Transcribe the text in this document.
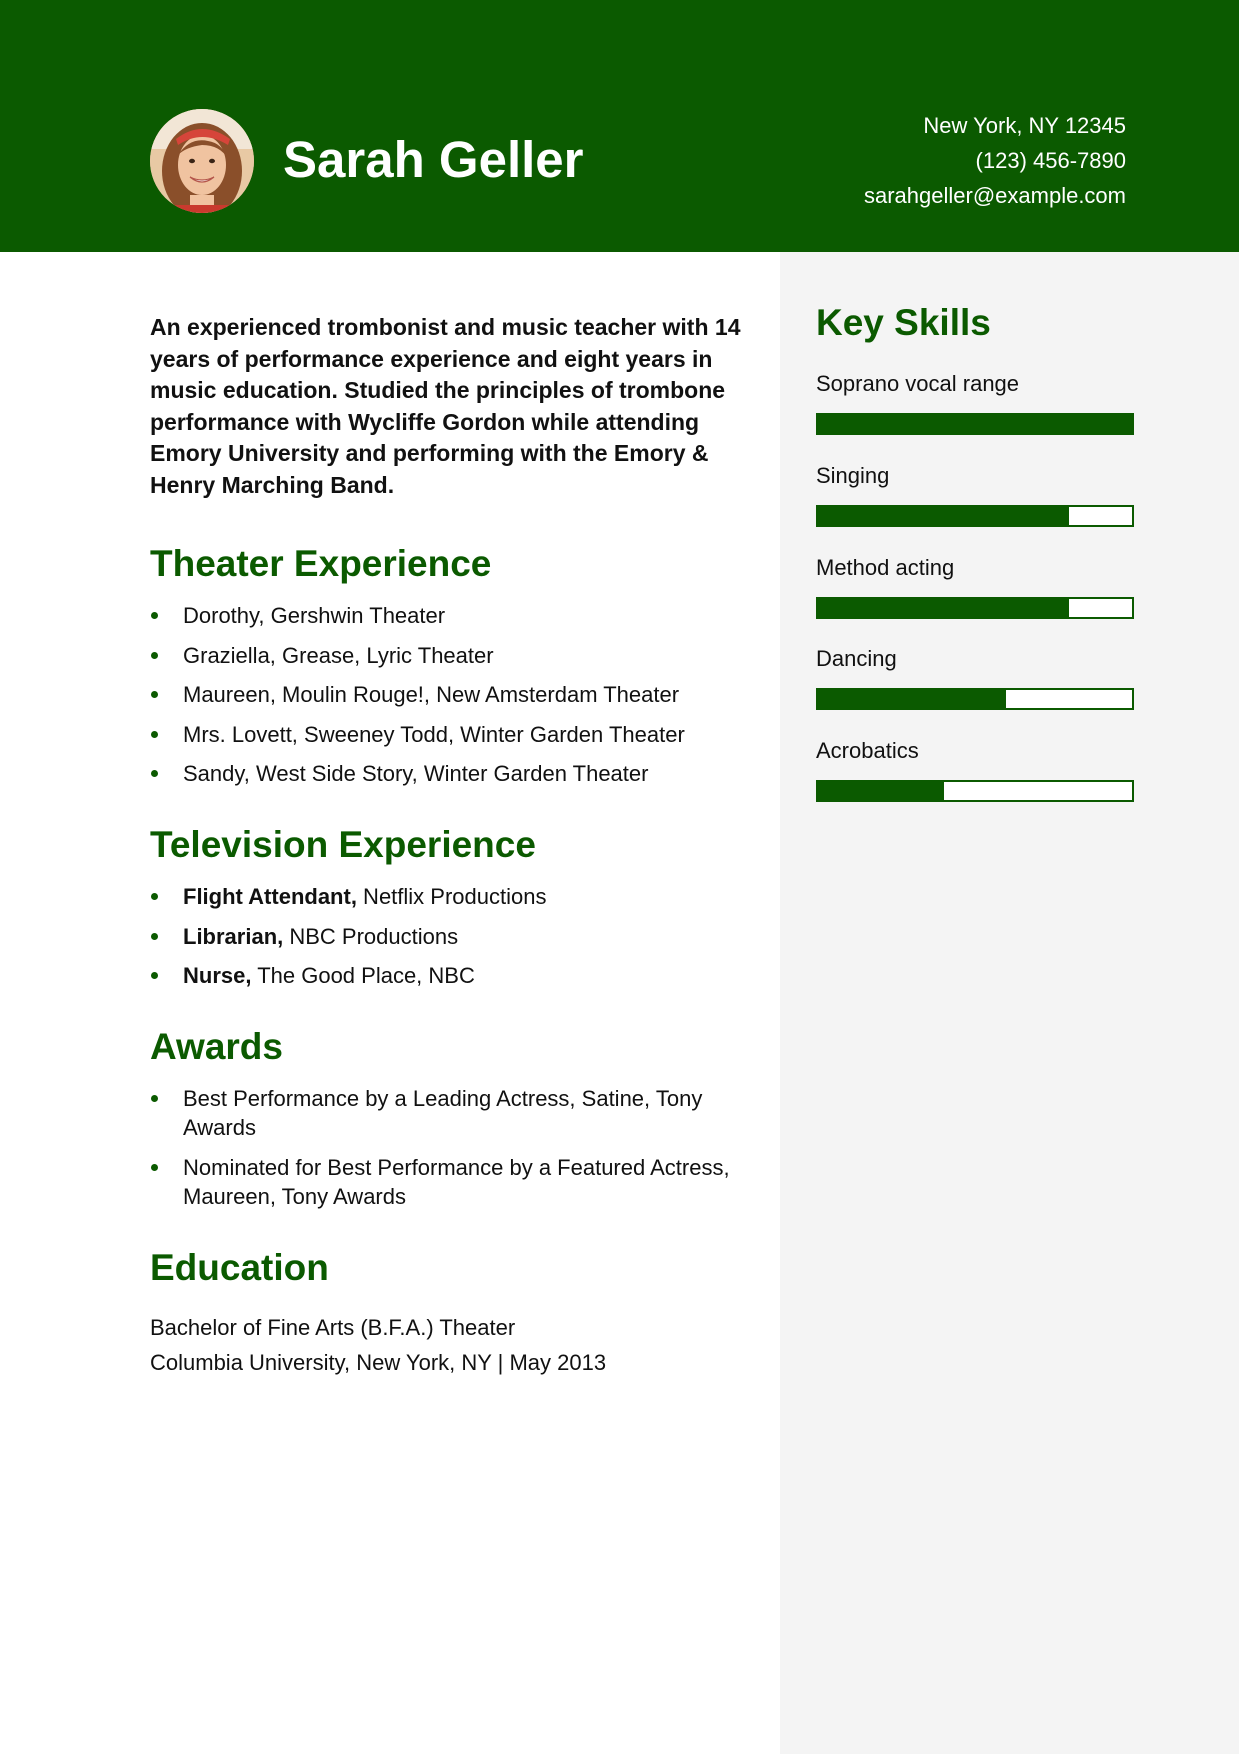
Sarah Geller
New York, NY 12345
(123) 456-7890
sarahgeller@example.com

An experienced trombonist and music teacher with 14 years of performance experience and eight years in music education. Studied the principles of trombone performance with Wycliffe Gordon while attending Emory University and performing with the Emory & Henry Marching Band.

Theater Experience
Dorothy, Gershwin Theater
Graziella, Grease, Lyric Theater
Maureen, Moulin Rouge!, New Amsterdam Theater
Mrs. Lovett, Sweeney Todd, Winter Garden Theater
Sandy, West Side Story, Winter Garden Theater
Television Experience
Flight Attendant, Netflix Productions
Librarian, NBC Productions
Nurse, The Good Place, NBC
Awards
Best Performance by a Leading Actress, Satine, Tony Awards
Nominated for Best Performance by a Featured Actress, Maureen, Tony Awards
Education
Bachelor of Fine Arts (B.F.A.) Theater
Columbia University, New York, NY | May 2013
Key Skills
Soprano vocal range
Singing
Method acting
Dancing
Acrobatics
